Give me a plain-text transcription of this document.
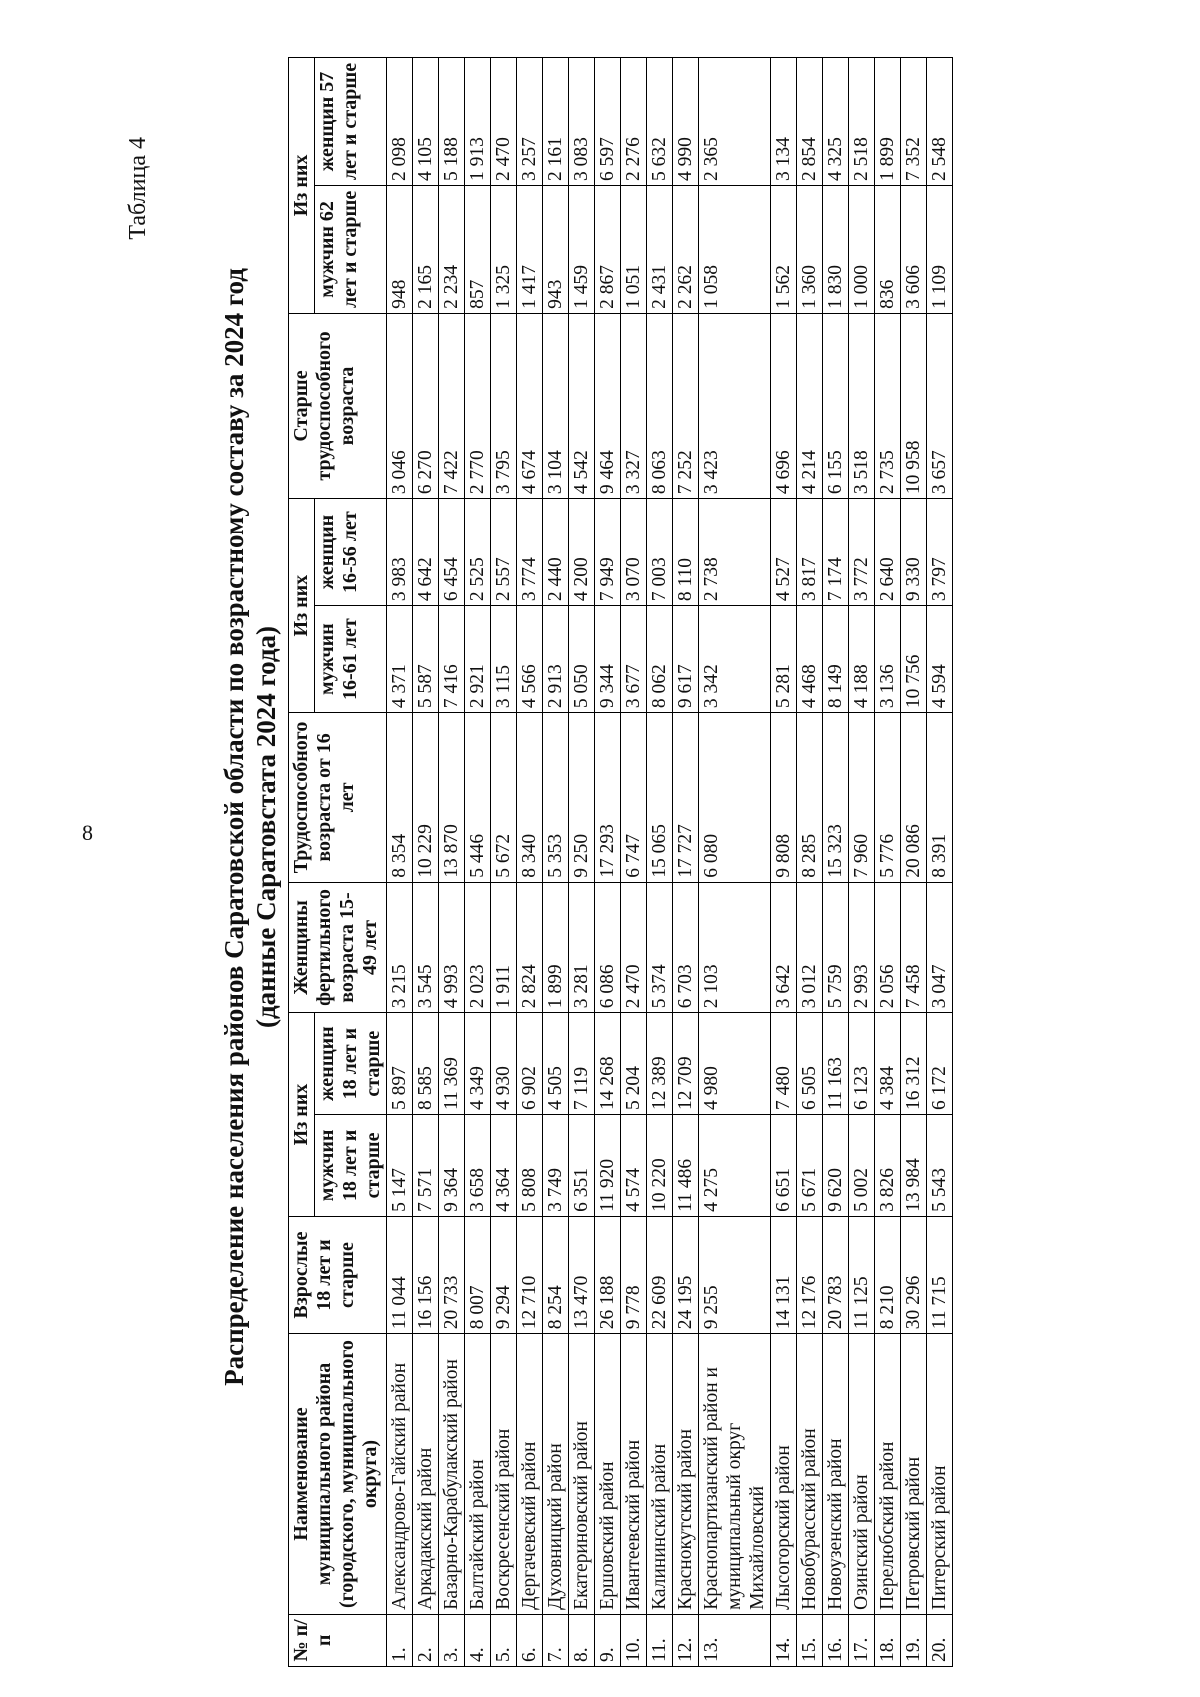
8
Таблица 4
Распределение населения районов Саратовской области по возрастному составу за 2024 год (данные Саратовстата 2024 года)
№ п/п	Наименование муниципального района (городского, муниципального округа)	Взрослые 18 лет и старше	Из них		Женщины фертильного возраста 15-49 лет	Трудоспособного возраста от 16 лет	Из них		Старше трудоспособного возраста	Из них	
			мужчин 18 лет и старше	женщин 18 лет и старше			мужчин 16-61 лет	женщин 16-56 лет		мужчин 62 лет и старше	женщин 57 лет и старше
1.	Александрово-Гайский район	11 044	5 147	5 897	3 215	8 354	4 371	3 983	3 046	948	2 098
2.	Аркадакский район	16 156	7 571	8 585	3 545	10 229	5 587	4 642	6 270	2 165	4 105
3.	Базарно-Карабулакский район	20 733	9 364	11 369	4 993	13 870	7 416	6 454	7 422	2 234	5 188
4.	Балтайский район	8 007	3 658	4 349	2 023	5 446	2 921	2 525	2 770	857	1 913
5.	Воскресенский район	9 294	4 364	4 930	1 911	5 672	3 115	2 557	3 795	1 325	2 470
6.	Дергачевский район	12 710	5 808	6 902	2 824	8 340	4 566	3 774	4 674	1 417	3 257
7.	Духовницкий район	8 254	3 749	4 505	1 899	5 353	2 913	2 440	3 104	943	2 161
8.	Екатериновский район	13 470	6 351	7 119	3 281	9 250	5 050	4 200	4 542	1 459	3 083
9.	Ершовский район	26 188	11 920	14 268	6 086	17 293	9 344	7 949	9 464	2 867	6 597
10.	Ивантеевский район	9 778	4 574	5 204	2 470	6 747	3 677	3 070	3 327	1 051	2 276
11.	Калининский район	22 609	10 220	12 389	5 374	15 065	8 062	7 003	8 063	2 431	5 632
12.	Краснокутский район	24 195	11 486	12 709	6 703	17 727	9 617	8 110	7 252	2 262	4 990
13.	Краснопартизанский район и муниципальный округ Михайловский	9 255	4 275	4 980	2 103	6 080	3 342	2 738	3 423	1 058	2 365
14.	Лысогорский район	14 131	6 651	7 480	3 642	9 808	5 281	4 527	4 696	1 562	3 134
15.	Новобурасский район	12 176	5 671	6 505	3 012	8 285	4 468	3 817	4 214	1 360	2 854
16.	Новоузенский район	20 783	9 620	11 163	5 759	15 323	8 149	7 174	6 155	1 830	4 325
17.	Озинский район	11 125	5 002	6 123	2 993	7 960	4 188	3 772	3 518	1 000	2 518
18.	Перелюбский район	8 210	3 826	4 384	2 056	5 776	3 136	2 640	2 735	836	1 899
19.	Петровский район	30 296	13 984	16 312	7 458	20 086	10 756	9 330	10 958	3 606	7 352
20.	Питерский район	11 715	5 543	6 172	3 047	8 391	4 594	3 797	3 657	1 109	2 548
